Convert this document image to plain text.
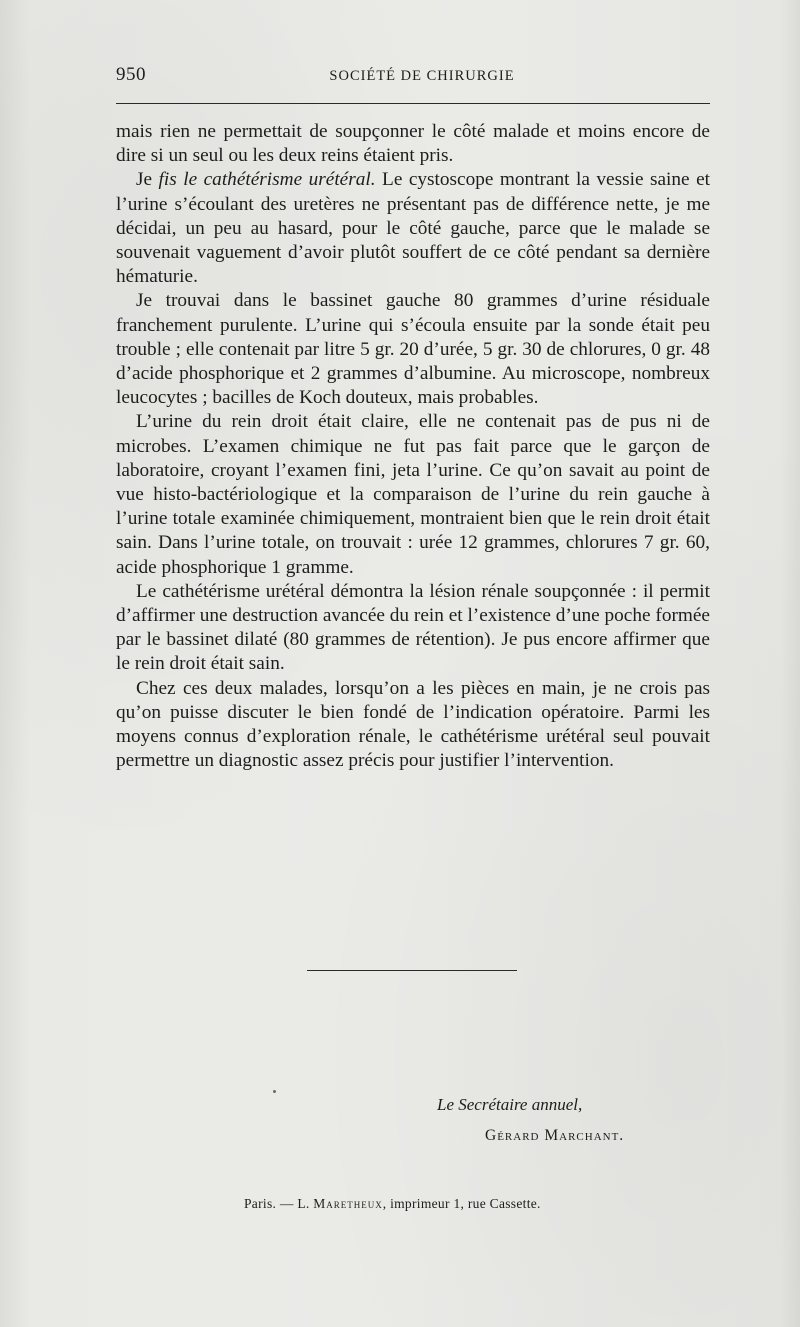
950	SOCIÉTÉ DE CHIRURGIE

mais rien ne permettait de soupçonner le côté malade et moins encore de dire si un seul ou les deux reins étaient pris.

Je fis le cathétérisme urétéral. Le cystoscope montrant la vessie saine et l’urine s’écoulant des uretères ne présentant pas de différence nette, je me décidai, un peu au hasard, pour le côté gauche, parce que le malade se souvenait vaguement d’avoir plutôt souffert de ce côté pendant sa dernière hématurie.

Je trouvai dans le bassinet gauche 80 grammes d’urine résiduale franchement purulente. L’urine qui s’écoula ensuite par la sonde était peu trouble ; elle contenait par litre 5 gr. 20 d’urée, 5 gr. 30 de chlorures, 0 gr. 48 d’acide phosphorique et 2 grammes d’albumine. Au microscope, nombreux leucocytes ; bacilles de Koch douteux, mais probables.

L’urine du rein droit était claire, elle ne contenait pas de pus ni de microbes. L’examen chimique ne fut pas fait parce que le garçon de laboratoire, croyant l’examen fini, jeta l’urine. Ce qu’on savait au point de vue histo-bactériologique et la comparaison de l’urine du rein gauche à l’urine totale examinée chimiquement, montraient bien que le rein droit était sain. Dans l’urine totale, on trouvait : urée 12 grammes, chlorures 7 gr. 60, acide phosphorique 1 gramme.

Le cathétérisme urétéral démontra la lésion rénale soupçonnée : il permit d’affirmer une destruction avancée du rein et l’existence d’une poche formée par le bassinet dilaté (80 grammes de rétention). Je pus encore affirmer que le rein droit était sain.

Chez ces deux malades, lorsqu’on a les pièces en main, je ne crois pas qu’on puisse discuter le bien fondé de l’indication opératoire. Parmi les moyens connus d’exploration rénale, le cathétérisme urétéral seul pouvait permettre un diagnostic assez précis pour justifier l’intervention.

Le Secrétaire annuel,
Gérard Marchant.
Paris. — L. Maretheux, imprimeur 1, rue Cassette.
